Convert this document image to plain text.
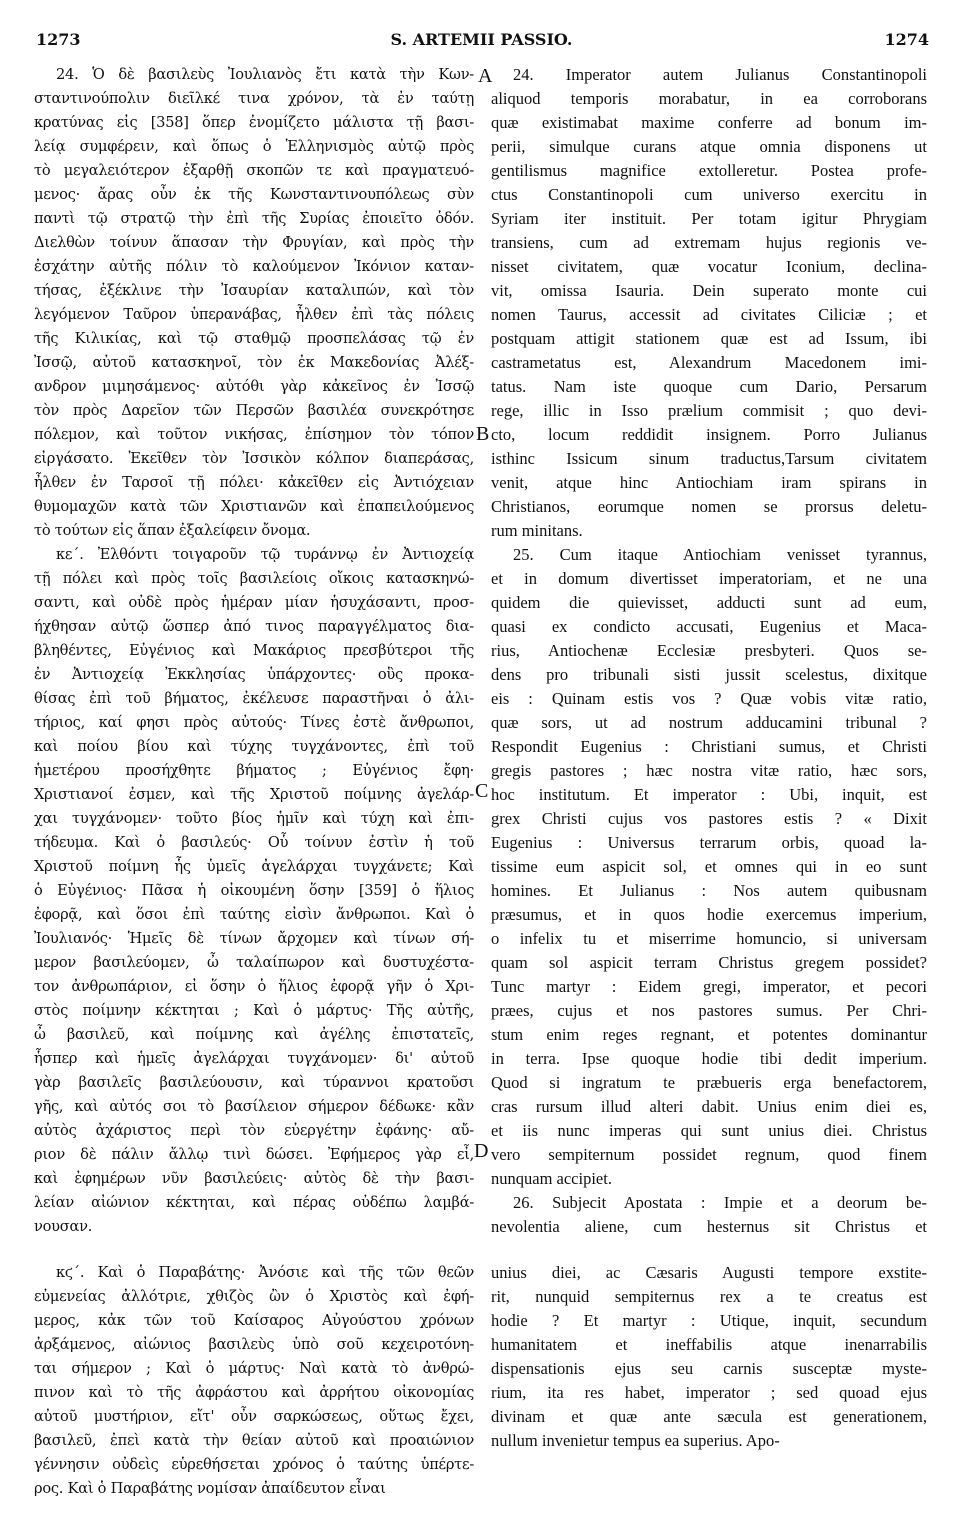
1273	S. ARTEMII PASSIO.	1274
24. Ὁ δὲ βασιλεὺς Ἰουλιανὸς ἔτι κατὰ τὴν Κων-
σταντινούπολιν διεῖλκέ τινα χρόνον, τὰ ἐν ταύτῃ
κρατύνας εἰς [358] ὅπερ ἐνομίζετο μάλιστα τῇ βασι-
λείᾳ συμφέρειν, καὶ ὅπως ὁ Ἑλληνισμὸς αὐτῷ πρὸς
τὸ μεγαλειότερον ἐξαρθῇ σκοπῶν τε καὶ πραγματευό-
μενος· ἄρας οὖν ἐκ τῆς Κωνσταντινουπόλεως σὺν
παντὶ τῷ στρατῷ τὴν ἐπὶ τῆς Συρίας ἐποιεῖτο ὁδόν.
Διελθὼν τοίνυν ἅπασαν τὴν Φρυγίαν, καὶ πρὸς τὴν
ἐσχάτην αὐτῆς πόλιν τὸ καλούμενον Ἰκόνιον καταν-
τήσας, ἐξέκλινε τὴν Ἰσαυρίαν καταλιπών, καὶ τὸν
λεγόμενον Ταῦρον ὑπερανάβας, ἦλθεν ἐπὶ τὰς πόλεις
τῆς Κιλικίας, καὶ τῷ σταθμῷ προσπελάσας τῷ ἐν
Ἰσσῷ, αὐτοῦ κατασκηνοῖ, τὸν ἐκ Μακεδονίας Ἀλέξ-
ανδρον μιμησάμενος· αὐτόθι γὰρ κἀκεῖνος ἐν Ἰσσῷ
τὸν πρὸς Δαρεῖον τῶν Περσῶν βασιλέα συνεκρότησε
πόλεμον, καὶ τοῦτον νικήσας, ἐπίσημον τὸν τόπον
εἰργάσατο. Ἐκεῖθεν τὸν Ἰσσικὸν κόλπον διαπεράσας,
ἦλθεν ἐν Ταρσοῖ τῇ πόλει· κἀκεῖθεν εἰς Ἀντιόχειαν
θυμομαχῶν κατὰ τῶν Χριστιανῶν καὶ ἐπαπειλούμενος
τὸ τούτων εἰς ἅπαν ἐξαλείφειν ὄνομα.
κε΄. Ἐλθόντι τοιγαροῦν τῷ τυράννῳ ἐν Ἀντιοχείᾳ
τῇ πόλει καὶ πρὸς τοῖς βασιλείοις οἴκοις κατασκηνώ-
σαντι, καὶ οὐδὲ πρὸς ἡμέραν μίαν ἡσυχάσαντι, προσ-
ήχθησαν αὐτῷ ὥσπερ ἀπό τινος παραγγέλματος δια-
βληθέντες, Εὐγένιος καὶ Μακάριος πρεσβύτεροι τῆς
ἐν Ἀντιοχείᾳ Ἐκκλησίας ὑπάρχοντες· οὓς προκα-
θίσας ἐπὶ τοῦ βήματος, ἐκέλευσε παραστῆναι ὁ ἀλι-
τήριος, καί φησι πρὸς αὐτούς· Τίνες ἐστὲ ἄνθρωποι,
καὶ ποίου βίου καὶ τύχης τυγχάνοντες, ἐπὶ τοῦ
ἡμετέρου προσήχθητε βήματος ; Εὐγένιος ἔφη·
Χριστιανοί ἐσμεν, καὶ τῆς Χριστοῦ ποίμνης ἀγελάρ-
χαι τυγχάνομεν· τοῦτο βίος ἡμῖν καὶ τύχη καὶ ἐπι-
τήδευμα. Καὶ ὁ βασιλεύς· Οὗ τοίνυν ἐστὶν ἡ τοῦ
Χριστοῦ ποίμνη ἧς ὑμεῖς ἀγελάρχαι τυγχάνετε; Καὶ
ὁ Εὐγένιος· Πᾶσα ἡ οἰκουμένη ὅσην [359] ὁ ἥλιος
ἐφορᾷ, καὶ ὅσοι ἐπὶ ταύτης εἰσὶν ἄνθρωποι. Καὶ ὁ
Ἰουλιανός· Ἡμεῖς δὲ τίνων ἄρχομεν καὶ τίνων σή-
μερον βασιλεύομεν, ὦ ταλαίπωρον καὶ δυστυχέστα-
τον ἀνθρωπάριον, εἰ ὅσην ὁ ἥλιος ἐφορᾷ γῆν ὁ Χρι-
στὸς ποίμνην κέκτηται ; Καὶ ὁ μάρτυς· Τῆς αὐτῆς,
ὦ βασιλεῦ, καὶ ποίμνης καὶ ἀγέλης ἐπιστατεῖς,
ἧσπερ καὶ ἡμεῖς ἀγελάρχαι τυγχάνομεν· δι' αὐτοῦ
γὰρ βασιλεῖς βασιλεύουσιν, καὶ τύραννοι κρατοῦσι
γῆς, καὶ αὐτός σοι τὸ βασίλειον σήμερον δέδωκε· κἂν
αὐτὸς ἀχάριστος περὶ τὸν εὐεργέτην ἐφάνης· αὔ-
ριον δὲ πάλιν ἄλλῳ τινὶ δώσει. Ἐφήμερος γὰρ εἶ,
καὶ ἐφημέρων νῦν βασιλεύεις· αὐτὸς δὲ τὴν βασι-
λείαν αἰώνιον κέκτηται, καὶ πέρας οὐδέπω λαμβά-
νουσαν.
κϛ΄. Καὶ ὁ Παραβάτης· Ἀνόσιε καὶ τῆς τῶν θεῶν
εὐμενείας ἀλλότριε, χθιζὸς ὢν ὁ Χριστὸς καὶ ἐφή-
μερος, κἀκ τῶν τοῦ Καίσαρος Αὐγούστου χρόνων
ἀρξάμενος, αἰώνιος βασιλεὺς ὑπὸ σοῦ κεχειροτόνη-
ται σήμερον ; Καὶ ὁ μάρτυς· Ναὶ κατὰ τὸ ἀνθρώ-
πινον καὶ τὸ τῆς ἀφράστου καὶ ἀρρήτου οἰκονομίας
αὐτοῦ μυστήριον, εἴτ' οὖν σαρκώσεως, οὕτως ἔχει,
βασιλεῦ, ἐπεὶ κατὰ τὴν θείαν αὐτοῦ καὶ προαιώνιον
γέννησιν οὐδεὶς εὑρεθήσεται χρόνος ὁ ταύτης ὑπέρτε-
ρος. Καὶ ὁ Παραβάτης νομίσαν ἀπαίδευτον εἶναι
24. Imperator autem Julianus Constantinopoli
aliquod temporis morabatur, in ea corroborans
quæ existimabat maxime conferre ad bonum im-
perii, simulque curans atque omnia disponens ut
gentilismus magnifice extolleretur. Postea profe-
ctus Constantinopoli cum universo exercitu in
Syriam iter instituit. Per totam igitur Phrygiam
transiens, cum ad extremam hujus regionis ve-
nisset civitatem, quæ vocatur Iconium, declina-
vit, omissa Isauria. Dein superato monte cui
nomen Taurus, accessit ad civitates Ciliciæ ; et
postquam attigit stationem quæ est ad Issum, ibi
castrametatus est, Alexandrum Macedonem imi-
tatus. Nam iste quoque cum Dario, Persarum
rege, illic in Isso prælium commisit ; quo devi-
cto, locum reddidit insignem. Porro Julianus
isthinc Issicum sinum traductus,Tarsum civitatem
venit, atque hinc Antiochiam iram spirans in
Christianos, eorumque nomen se prorsus deletu-
rum minitans.
25. Cum itaque Antiochiam venisset tyrannus,
et in domum divertisset imperatoriam, et ne una
quidem die quievisset, adducti sunt ad eum,
quasi ex condicto accusati, Eugenius et Maca-
rius, Antiochenæ Ecclesiæ presbyteri. Quos se-
dens pro tribunali sisti jussit scelestus, dixitque
eis : Quinam estis vos ? Quæ vobis vitæ ratio,
quæ sors, ut ad nostrum adducamini tribunal ?
Respondit Eugenius : Christiani sumus, et Christi
gregis pastores ; hæc nostra vitæ ratio, hæc sors,
hoc institutum. Et imperator : Ubi, inquit, est
grex Christi cujus vos pastores estis ? « Dixit
Eugenius : Universus terrarum orbis, quoad la-
tissime eum aspicit sol, et omnes qui in eo sunt
homines. Et Julianus : Nos autem quibusnam
præsumus, et in quos hodie exercemus imperium,
o infelix tu et miserrime homuncio, si universam
quam sol aspicit terram Christus gregem possidet?
Tunc martyr : Eidem gregi, imperator, et pecori
præes, cujus et nos pastores sumus. Per Chri-
stum enim reges regnant, et potentes dominantur
in terra. Ipse quoque hodie tibi dedit imperium.
Quod si ingratum te præbueris erga benefactorem,
cras rursum illud alteri dabit. Unius enim diei es,
et iis nunc imperas qui sunt unius diei. Christus
vero sempiternum possidet regnum, quod finem
nunquam accipiet.
26. Subjecit Apostata : Impie et a deorum be-
nevolentia aliene, cum hesternus sit Christus et
unius diei, ac Cæsaris Augusti tempore exstite-
rit, nunquid sempiternus rex a te creatus est
hodie ? Et martyr : Utique, inquit, secundum
humanitatem et ineffabilis atque inenarrabilis
dispensationis ejus seu carnis susceptæ myste-
rium, ita res habet, imperator ; sed quoad ejus
divinam et quæ ante sæcula est generationem,
nullum invenietur tempus ea superius. Apo-
A
B
C
D
